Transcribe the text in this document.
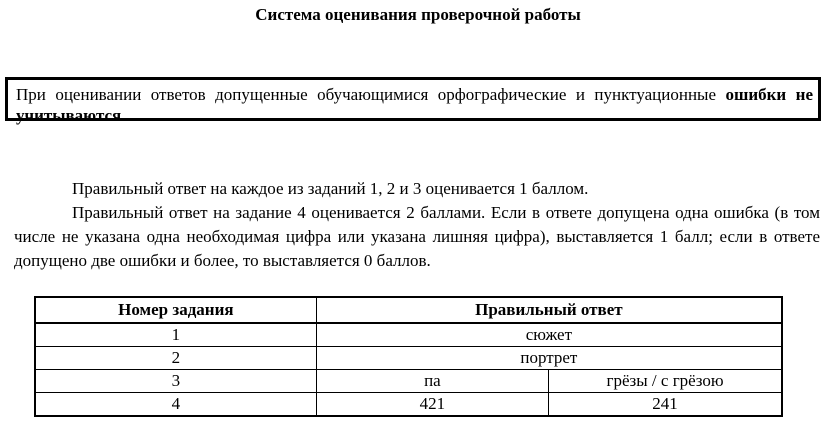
Система оценивания проверочной работы
При оценивании ответов допущенные обучающимися орфографические и пунктуационные ошибки не учитываются.
Правильный ответ на каждое из заданий 1, 2 и 3 оценивается 1 баллом.
Правильный ответ на задание 4 оценивается 2 баллами. Если в ответе допущена одна ошибка (в том числе не указана одна необходимая цифра или указана лишняя цифра), выставляется 1 балл; если в ответе допущено две ошибки и более, то выставляется 0 баллов.
Номер задания	Правильный ответ	
1	сюжет	
2	портрет	
3	па	грёзы / с грёзою
4	421	241
